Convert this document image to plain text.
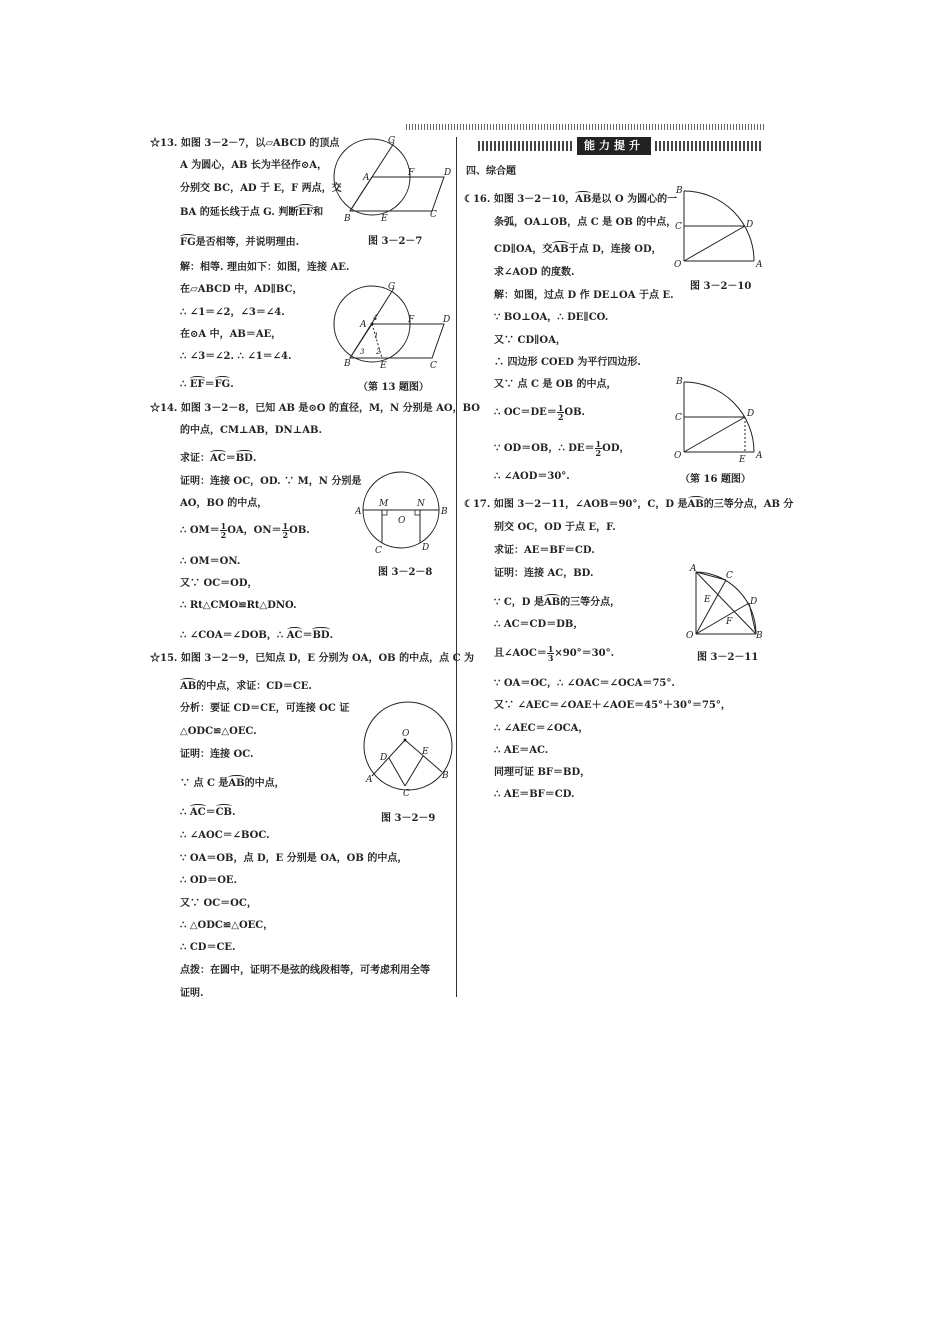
能力提升
☆13. 如图 3－2－7，以▱ABCD 的顶点
A 为圆心，AB 长为半径作⊙A，
分别交 BC，AD 于 E，F 两点，交
BA 的延长线于点 G. 判断EF和
FG是否相等，并说明理由.
解：相等. 理由如下：如图，连接 AE.
在▱ABCD 中，AD∥BC，
∴ ∠1＝∠2，∠3＝∠4.
在⊙A 中，AB＝AE，
∴ ∠3＝∠2. ∴ ∠1＝∠4.
∴ EF＝FG.
A
B	E	C
D
F
G
图 3－2－7
A
4
1
3 2
B	E	C
D
F
G
（第 13 题图）
☆14. 如图 3－2－8，已知 AB 是⊙O 的直径，M，N 分别是 AO，BO
的中点，CM⊥AB，DN⊥AB.
求证：AC＝BD.
证明：连接 OC，OD. ∵ M，N 分别是
AO，BO 的中点，
∴ $OM= \frac{1}{2}$ OA，$ON= \frac{1}{2}$ OB.
∴ OM＝ON.
又∵ OC＝OD，
∴ Rt△CMO≌Rt△DNO.
∴ ∠COA＝∠DOB，∴ AC＝BD.
A	B
M	N
O
C	D
图 3－2－8
☆15. 如图 3－2－9，已知点 D，E 分别为 OA，OB 的中点，点 C 为
AB的中点，求证：CD＝CE.
分析：要证 CD＝CE，可连接 OC 证
△ODC≌△OEC.
证明：连接 OC.
∵ 点 C 是AB的中点，
∴ AC＝CB.
∴ ∠AOC＝∠BOC.
∵ OA＝OB，点 D，E 分别是 OA，OB 的中点，
∴ OD＝OE.
又∵ OC＝OC，
∴ △ODC≌△OEC，
∴ CD＝CE.
点拨：在圆中，证明不是弦的线段相等，可考虑利用全等
证明.
O
D
E
A	B
C
图 3－2－9
四、综合题
☾16. 如图 3－2－10，AB是以 O 为圆心的一
条弧，OA⊥OB，点 C 是 OB 的中点，
CD∥OA，交AB于点 D，连接 OD，
求∠AOD 的度数.
解：如图，过点 D 作 DE⊥OA 于点 E.
∵ BO⊥OA，∴ DE∥CO.
又∵ CD∥OA，
∴ 四边形 COED 为平行四边形.
又∵ 点 C 是 OB 的中点，
∴ $OC=DE= \frac{1}{2}$ OB.
∵ OD＝OB，∴ $DE= \frac{1}{2}$ OD，
∴ ∠AOD＝30°.
B
C	D
O	A
图 3－2－10
B
C	D
O	E A
（第 16 题图）
☾17. 如图 3－2－11，∠AOB＝90°，C，D 是AB的三等分点，AB 分
别交 OC，OD 于点 E，F.
求证：AE＝BF＝CD.
证明：连接 AC，BD.
∵ C，D 是AB的三等分点，
∴ AC＝CD＝DB，
且∠AOC＝ $\frac{1}{3} \times 90^\circ=30^\circ$.
∵ OA＝OC，∴ ∠OAC＝∠OCA＝75°.
又∵ ∠AEC＝∠OAE＋∠AOE＝45°＋30°＝75°，
∴ ∠AEC＝∠OCA，
∴ AE＝AC.
同理可证 BF＝BD，
∴ AE＝BF＝CD.
A
C
D
E
F
O	B
图 3－2－11
